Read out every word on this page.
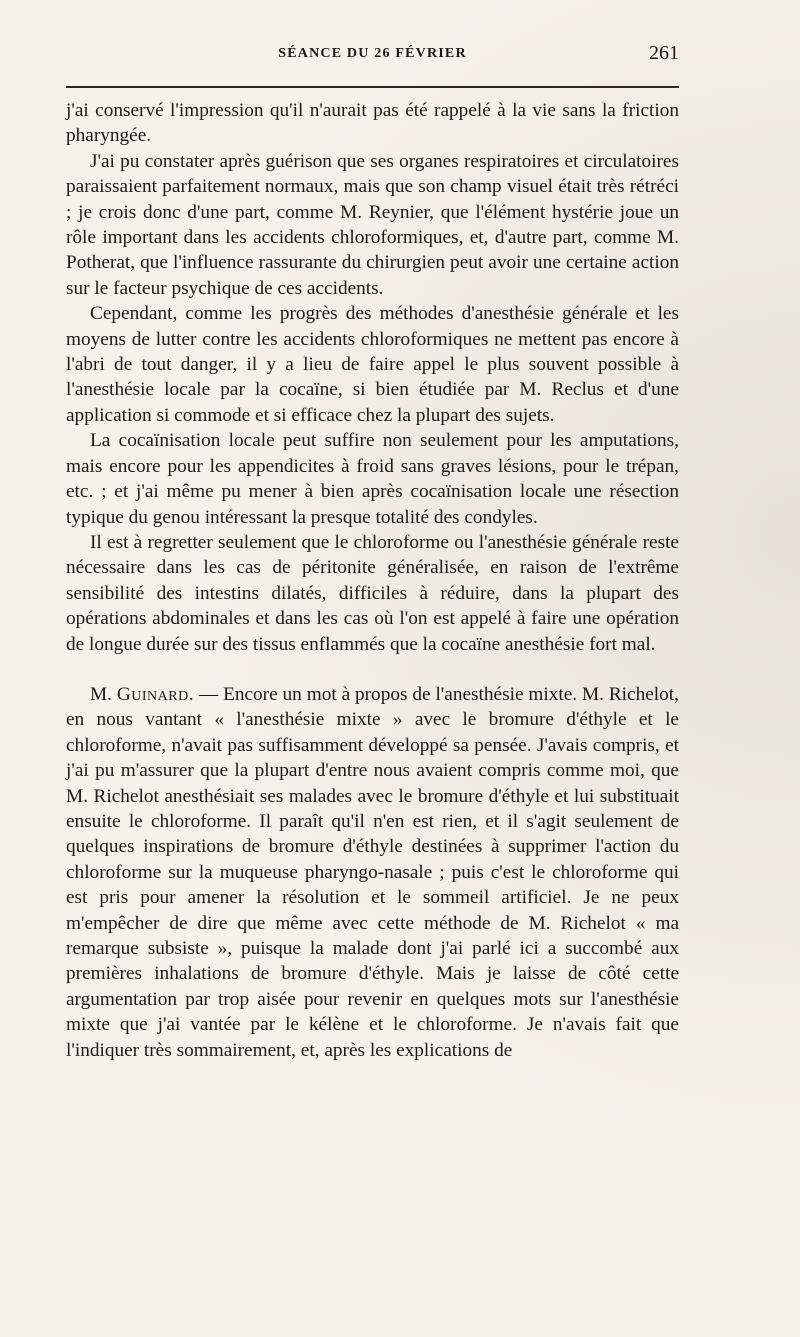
SÉANCE DU 26 FÉVRIER	261

j'ai conservé l'impression qu'il n'aurait pas été rappelé à la vie sans la friction pharyngée.

J'ai pu constater après guérison que ses organes respiratoires et circulatoires paraissaient parfaitement normaux, mais que son champ visuel était très rétréci ; je crois donc d'une part, comme M. Reynier, que l'élément hystérie joue un rôle important dans les accidents chloroformiques, et, d'autre part, comme M. Potherat, que l'influence rassurante du chirurgien peut avoir une certaine action sur le facteur psychique de ces accidents.

Cependant, comme les progrès des méthodes d'anesthésie générale et les moyens de lutter contre les accidents chloroformiques ne mettent pas encore à l'abri de tout danger, il y a lieu de faire appel le plus souvent possible à l'anesthésie locale par la cocaïne, si bien étudiée par M. Reclus et d'une application si commode et si efficace chez la plupart des sujets.

La cocaïnisation locale peut suffire non seulement pour les amputations, mais encore pour les appendicites à froid sans graves lésions, pour le trépan, etc. ; et j'ai même pu mener à bien après cocaïnisation locale une résection typique du genou intéressant la presque totalité des condyles.

Il est à regretter seulement que le chloroforme ou l'anesthésie générale reste nécessaire dans les cas de péritonite généralisée, en raison de l'extrême sensibilité des intestins dilatés, difficiles à réduire, dans la plupart des opérations abdominales et dans les cas où l'on est appelé à faire une opération de longue durée sur des tissus enflammés que la cocaïne anesthésie fort mal.

M. Guinard. — Encore un mot à propos de l'anesthésie mixte. M. Richelot, en nous vantant « l'anesthésie mixte » avec le bromure d'éthyle et le chloroforme, n'avait pas suffisamment développé sa pensée. J'avais compris, et j'ai pu m'assurer que la plupart d'entre nous avaient compris comme moi, que M. Richelot anesthésiait ses malades avec le bromure d'éthyle et lui substituait ensuite le chloroforme. Il paraît qu'il n'en est rien, et il s'agit seulement de quelques inspirations de bromure d'éthyle destinées à supprimer l'action du chloroforme sur la muqueuse pharyngo-nasale ; puis c'est le chloroforme qui est pris pour amener la résolution et le sommeil artificiel. Je ne peux m'empêcher de dire que même avec cette méthode de M. Richelot « ma remarque subsiste », puisque la malade dont j'ai parlé ici a succombé aux premières inhalations de bromure d'éthyle. Mais je laisse de côté cette argumentation par trop aisée pour revenir en quelques mots sur l'anesthésie mixte que j'ai vantée par le kélène et le chloroforme. Je n'avais fait que l'indiquer très sommairement, et, après les explications de
